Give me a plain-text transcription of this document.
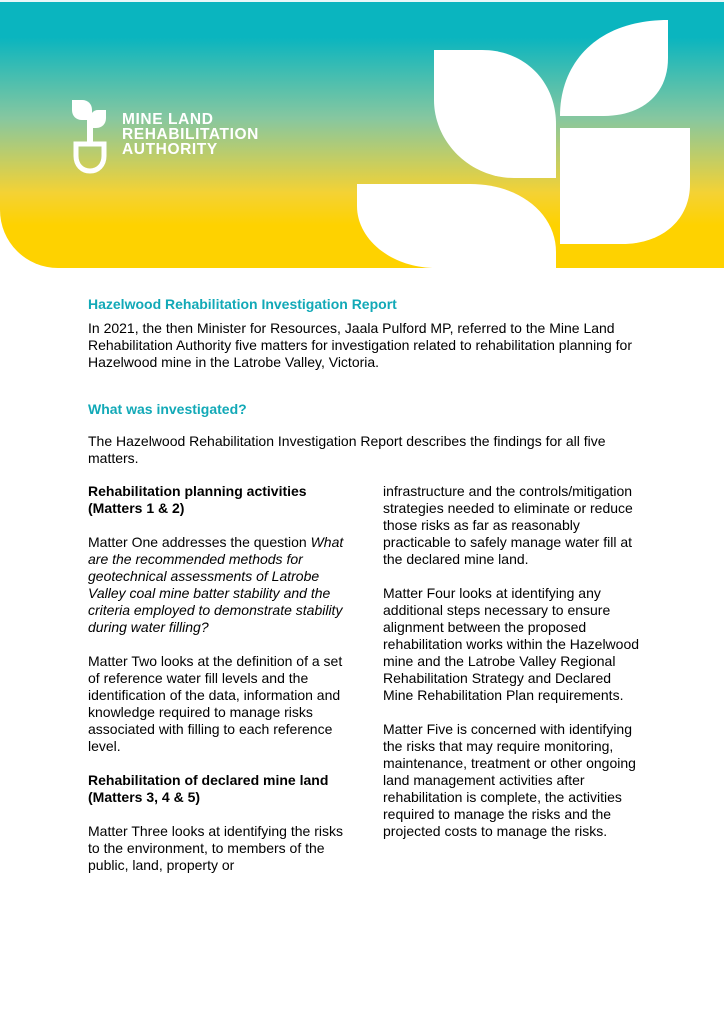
MINE LAND
REHABILITATION
AUTHORITY
Hazelwood Rehabilitation Investigation Report
In 2021, the then Minister for Resources, Jaala Pulford MP, referred to the Mine Land Rehabilitation Authority five matters for investigation related to rehabilitation planning for Hazelwood mine in the Latrobe Valley, Victoria.
What was investigated?
The Hazelwood Rehabilitation Investigation Report describes the findings for all five matters.

Rehabilitation planning activities (Matters 1 & 2)

Matter One addresses the question What are the recommended methods for geotechnical assessments of Latrobe Valley coal mine batter stability and the criteria employed to demonstrate stability during water filling?

Matter Two looks at the definition of a set of reference water fill levels and the identification of the data, information and knowledge required to manage risks associated with filling to each reference level.

Rehabilitation of declared mine land (Matters 3, 4 & 5)

Matter Three looks at identifying the risks to the environment, to members of the public, land, property or

infrastructure and the controls/mitigation strategies needed to eliminate or reduce those risks as far as reasonably practicable to safely manage water fill at the declared mine land.

Matter Four looks at identifying any additional steps necessary to ensure alignment between the proposed rehabilitation works within the Hazelwood mine and the Latrobe Valley Regional Rehabilitation Strategy and Declared Mine Rehabilitation Plan requirements.

Matter Five is concerned with identifying the risks that may require monitoring, maintenance, treatment or other ongoing land management activities after rehabilitation is complete, the activities required to manage the risks and the projected costs to manage the risks.
